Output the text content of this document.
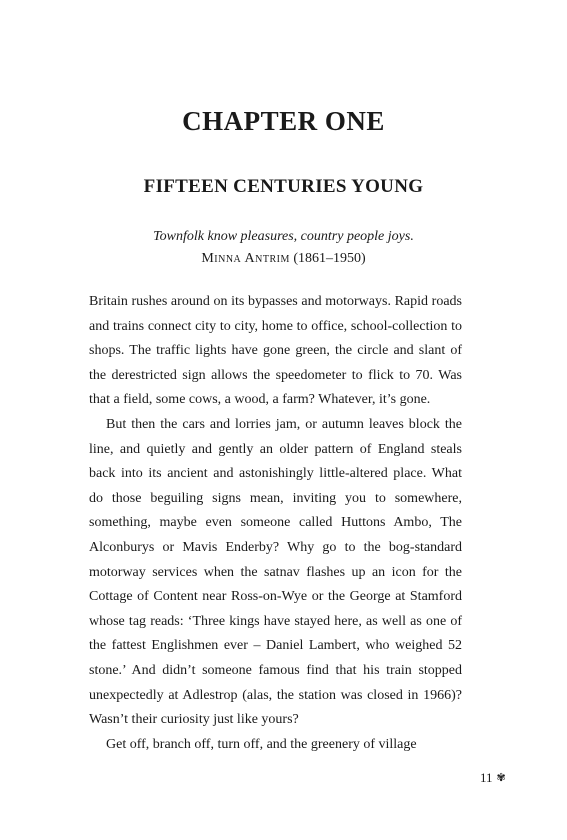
CHAPTER ONE
FIFTEEN CENTURIES YOUNG
Townfolk know pleasures, country people joys.
Minna Antrim (1861–1950)

Britain rushes around on its bypasses and motorways. Rapid roads and trains connect city to city, home to office, school-collection to shops. The traffic lights have gone green, the circle and slant of the derestricted sign allows the speedometer to flick to 70. Was that a field, some cows, a wood, a farm? Whatever, it’s gone.

But then the cars and lorries jam, or autumn leaves block the line, and quietly and gently an older pattern of England steals back into its ancient and astonishingly little-altered place. What do those beguiling signs mean, inviting you to somewhere, something, maybe even someone called Huttons Ambo, The Alconburys or Mavis Enderby? Why go to the bog-standard motorway services when the satnav flashes up an icon for the Cottage of Content near Ross-on-Wye or the George at Stamford whose tag reads: ‘Three kings have stayed here, as well as one of the fattest Englishmen ever – Daniel Lambert, who weighed 52 stone.’ And didn’t someone famous find that his train stopped unexpectedly at Adlestrop (alas, the station was closed in 1966)? Wasn’t their curiosity just like yours?

Get off, branch off, turn off, and the greenery of village

11 ✾
